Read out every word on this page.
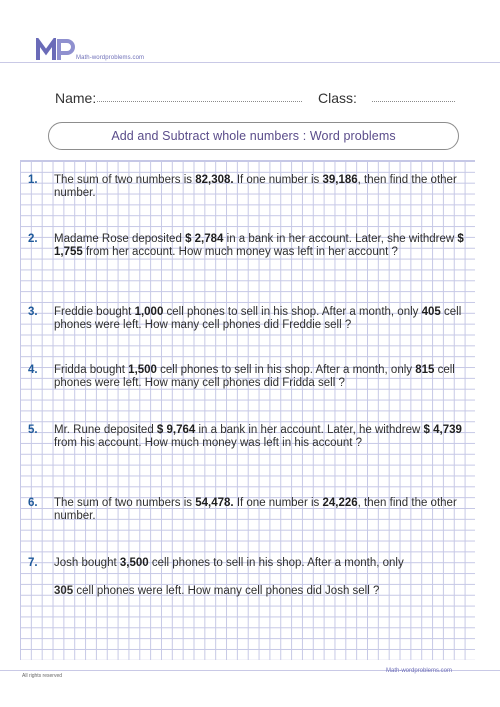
Math-wordproblems.com
Name:	Class:
Add and Subtract whole numbers : Word problems
1. The sum of two numbers is 82,308. If one number is 39,186, then find the other number.
2. Madame Rose deposited $ 2,784 in a bank in her account. Later, she withdrew $ 1,755 from her account. How much money was left in her account ?
3. Freddie bought 1,000 cell phones to sell in his shop. After a month, only 405 cell phones were left. How many cell phones did Freddie sell ?
4. Fridda bought 1,500 cell phones to sell in his shop. After a month, only 815 cell phones were left. How many cell phones did Fridda sell ?
5. Mr. Rune deposited $ 9,764 in a bank in her account. Later, he withdrew $ 4,739 from his account. How much money was left in his account ?
6. The sum of two numbers is 54,478. If one number is 24,226, then find the other number.
7. Josh bought 3,500 cell phones to sell in his shop. After a month, only
305 cell phones were left. How many cell phones did Josh sell ?
All rights reserved
Math-wordproblems.com
